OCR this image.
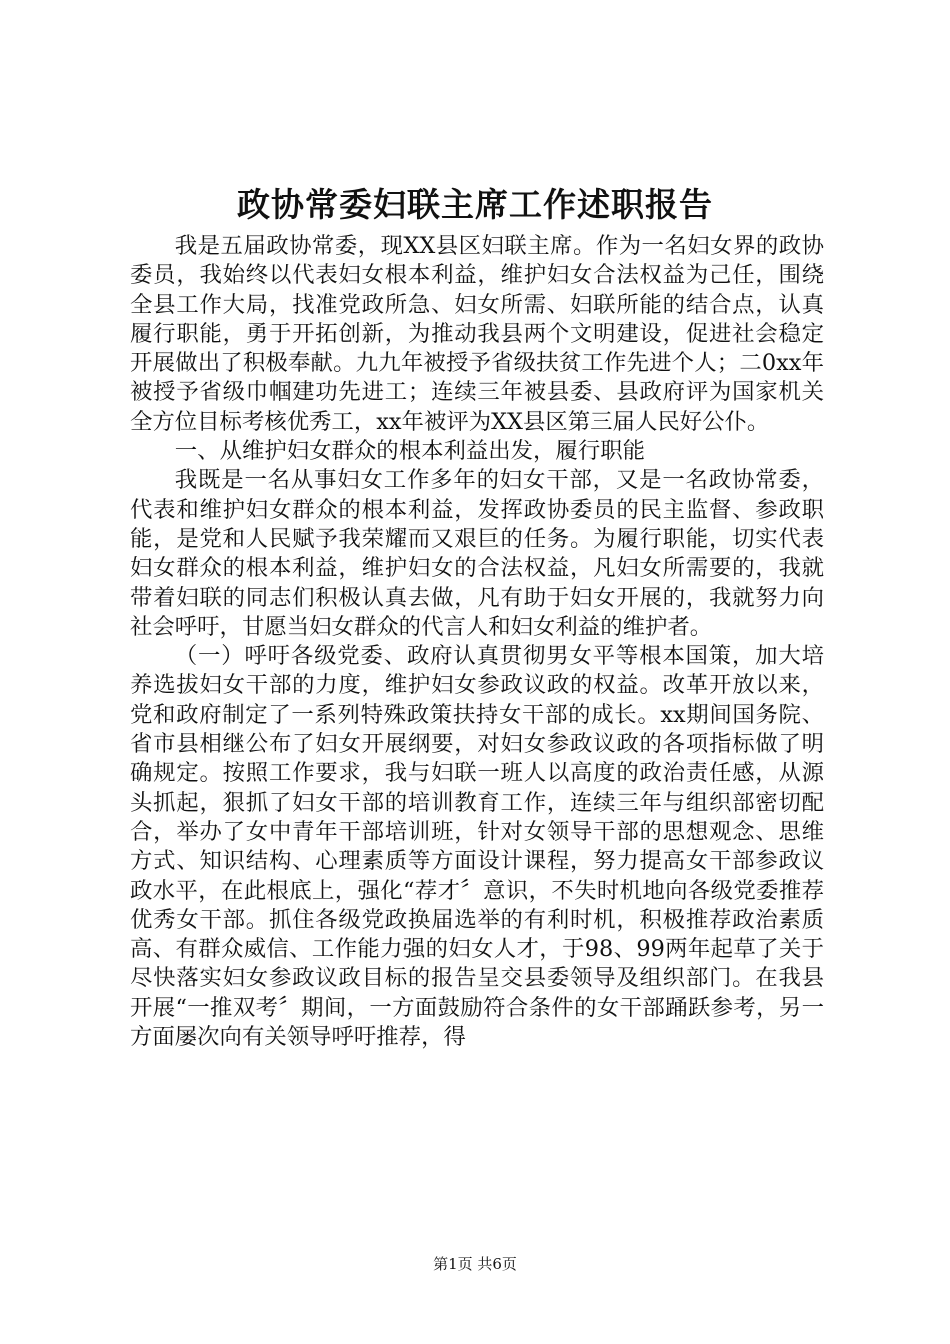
政协常委妇联主席工作述职报告

我是五届政协常委，现XX县区妇联主席。作为一名妇女界的政协委员，我始终以代表妇女根本利益，维护妇女合法权益为己任，围绕全县工作大局，找准党政所急、妇女所需、妇联所能的结合点，认真履行职能，勇于开拓创新，为推动我县两个文明建设，促进社会稳定开展做出了积极奉献。九九年被授予省级扶贫工作先进个人；二0xx年被授予省级巾帼建功先进工；连续三年被县委、县政府评为国家机关全方位目标考核优秀工，xx年被评为XX县区第三届人民好公仆。

一、从维护妇女群众的根本利益出发，履行职能

我既是一名从事妇女工作多年的妇女干部，又是一名政协常委，代表和维护妇女群众的根本利益，发挥政协委员的民主监督、参政职能，是党和人民赋予我荣耀而又艰巨的任务。为履行职能，切实代表妇女群众的根本利益，维护妇女的合法权益，凡妇女所需要的，我就带着妇联的同志们积极认真去做，凡有助于妇女开展的，我就努力向社会呼吁，甘愿当妇女群众的代言人和妇女利益的维护者。

（一）呼吁各级党委、政府认真贯彻男女平等根本国策，加大培养选拔妇女干部的力度，维护妇女参政议政的权益。改革开放以来，党和政府制定了一系列特殊政策扶持女干部的成长。xx期间国务院、省市县相继公布了妇女开展纲要，对妇女参政议政的各项指标做了明确规定。按照工作要求，我与妇联一班人以高度的政治责任感，从源头抓起，狠抓了妇女干部的培训教育工作，连续三年与组织部密切配合，举办了女中青年干部培训班，针对女领导干部的思想观念、思维方式、知识结构、心理素质等方面设计课程，努力提高女干部参政议政水平，在此根底上，强化“荐才〞意识，不失时机地向各级党委推荐优秀女干部。抓住各级党政换届选举的有利时机，积极推荐政治素质高、有群众威信、工作能力强的妇女人才，于98、99两年起草了关于尽快落实妇女参政议政目标的报告呈交县委领导及组织部门。在我县开展“一推双考〞期间，一方面鼓励符合条件的女干部踊跃参考，另一方面屡次向有关领导呼吁推荐，得

第1页 共6页
